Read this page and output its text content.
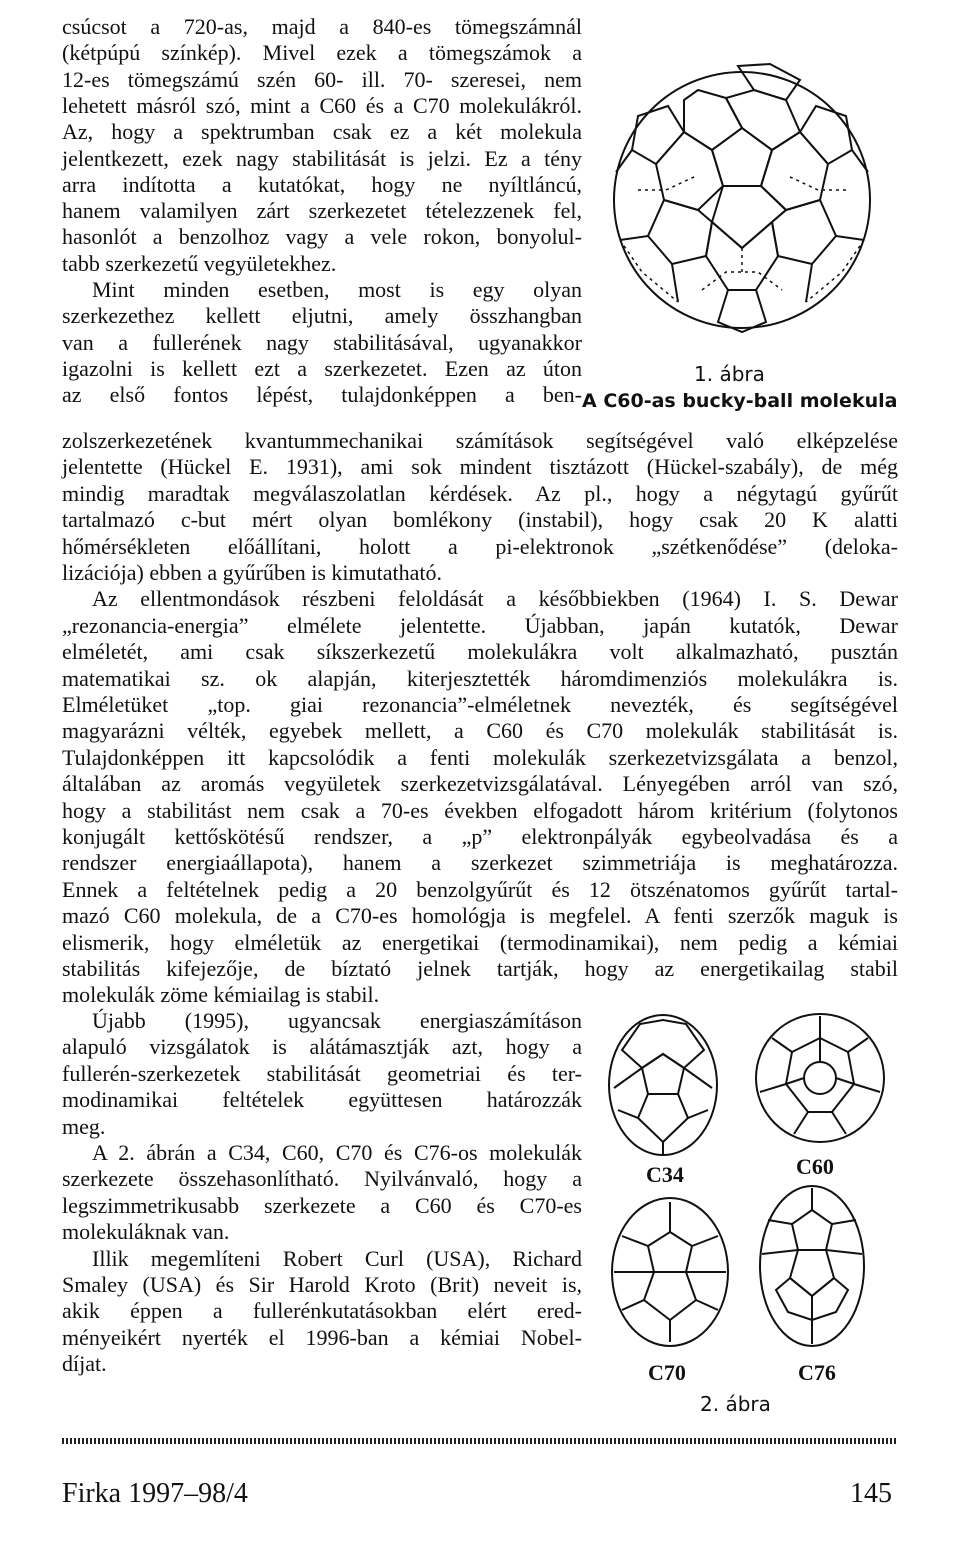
csúcsot a 720-as, majd a 840-es tömegszámnál
(kétpúpú színkép). Mivel ezek a tömegszámok a
12-es tömegszámú szén 60- ill. 70- szeresei, nem
lehetett másról szó, mint a C60 és a C70 molekulákról.
Az, hogy a spektrumban csak ez a két molekula
jelentkezett, ezek nagy stabilitását is jelzi. Ez a tény
arra indította a kutatókat, hogy ne nyíltláncú,
hanem valamilyen zárt szerkezetet tételezzenek fel,
hasonlót a benzolhoz vagy a vele rokon, bonyolul-
tabb szerkezetű vegyületekhez.
Mint minden esetben, most is egy olyan
szerkezethez kellett eljutni, amely összhangban
van a fullerének nagy stabilitásával, ugyanakkor
igazolni is kellett ezt a szerkezetet. Ezen az úton
az első fontos lépést, tulajdonképpen a ben-
zolszerkezetének kvantummechanikai számítások segítségével való elképzelése
jelentette (Hückel E. 1931), ami sok mindent tisztázott (Hückel-szabály), de még
mindig maradtak megválaszolatlan kérdések. Az pl., hogy a négytagú gyűrűt
tartalmazó c-but mért olyan bomlékony (instabil), hogy csak 20 K alatti
hőmérsékleten előállítani, holott a pi-elektronok „szétkenődése” (deloka-
lizációja) ebben a gyűrűben is kimutatható.
Az ellentmondások részbeni feloldását a későbbiekben (1964) I. S. Dewar
„rezonancia-energia” elmélete jelentette. Újabban, japán kutatók, Dewar
elméletét, ami csak síkszerkezetű molekulákra volt alkalmazható, pusztán
matematikai sz. ok alapján, kiterjesztették háromdimenziós molekulákra is.
Elméletüket „top. giai rezonancia”-elméletnek nevezték, és segítségével
magyarázni vélték, egyebek mellett, a C60 és C70 molekulák stabilitását is.
Tulajdonképpen itt kapcsolódik a fenti molekulák szerkezetvizsgálata a benzol,
általában az aromás vegyületek szerkezetvizsgálatával. Lényegében arról van szó,
hogy a stabilitást nem csak a 70-es években elfogadott három kritérium (folytonos
konjugált kettőskötésű rendszer, a „p” elektronpályák egybeolvadása és a
rendszer energiaállapota), hanem a szerkezet szimmetriája is meghatározza.
Ennek a feltételnek pedig a 20 benzolgyűrűt és 12 ötszénatomos gyűrűt tartal-
mazó C60 molekula, de a C70-es homológja is megfelel. A fenti szerzők maguk is
elismerik, hogy elméletük az energetikai (termodinamikai), nem pedig a kémiai
stabilitás kifejezője, de bíztató jelnek tartják, hogy az energetikailag stabil
molekulák zöme kémiailag is stabil.
Újabb (1995), ugyancsak energiaszámításon
alapuló vizsgálatok is alátámasztják azt, hogy a
fullerén-szerkezetek stabilitását geometriai és ter-
modinamikai feltételek együttesen határozzák
meg.
A 2. ábrán a C34, C60, C70 és C76-os molekulák
szerkezete összehasonlítható. Nyilvánvaló, hogy a
legszimmetrikusabb szerkezete a C60 és C70-es
molekuláknak van.
Illik megemlíteni Robert Curl (USA), Richard
Smaley (USA) és Sir Harold Kroto (Brit) neveit is,
akik éppen a fullerénkutatásokban elért ered-
ményeikért nyerték el 1996-ban a kémiai Nobel-
díjat.
1. ábra
A C60-as bucky-ball molekula
C34	C60
C70	C76
2. ábra
Firka 1997–98/4	145
